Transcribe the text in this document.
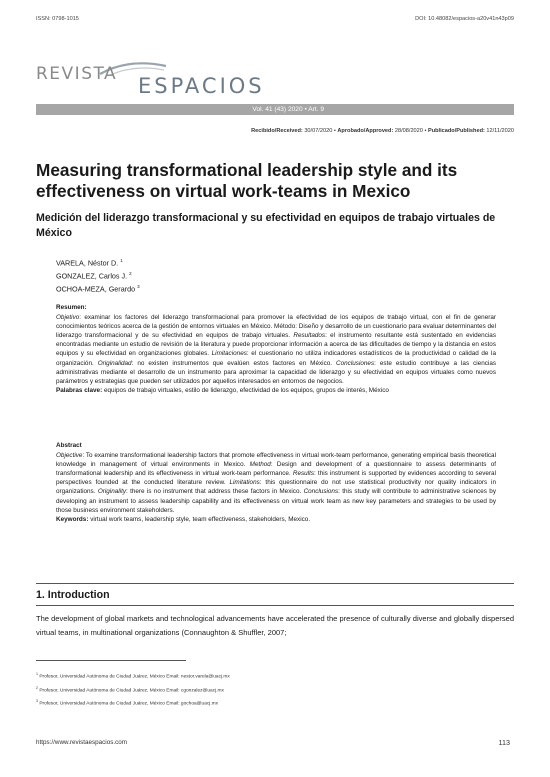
ISSN: 0798-1015	DOI: 10.48082/espacios-a20v41n43p09
REVISTA ESPACIOS
Vol. 41 (43) 2020 • Art. 9
Recibido/Received: 30/07/2020 • Aprobado/Approved: 28/08/2020 • Publicado/Published: 12/11/2020
Measuring transformational leadership style and its effectiveness on virtual work-teams in Mexico
Medición del liderazgo transformacional y su efectividad en equipos de trabajo virtuales de México
VARELA, Néstor D. $^1$
GONZALEZ, Carlos J. $^2$
OCHOA-MEZA, Gerardo $^3$
Resumen:
Objetivo: examinar los factores del liderazgo transformacional para promover la efectividad de los equipos de trabajo virtual, con el fin de generar conocimientos teóricos acerca de la gestión de entornos virtuales en México. Método: Diseño y desarrollo de un cuestionario para evaluar determinantes del liderazgo transformacional y de su efectividad en equipos de trabajo virtuales. Resultados: el instrumento resultante está sustentado en evidencias encontradas mediante un estudio de revisión de la literatura y puede proporcionar información a acerca de las dificultades de tiempo y la distancia en estos equipos y su efectividad en organizaciones globales. Limitaciones: el cuestionario no utiliza indicadores estadísticos de la productividad o calidad de la organización. Originalidad: no existen instrumentos que evalúen estos factores en México. Conclusiones: este estudio contribuye a las ciencias administrativas mediante el desarrollo de un instrumento para aproximar la capacidad de liderazgo y su efectividad en equipos virtuales como nuevos parámetros y estrategias que pueden ser utilizados por aquellos interesados en entornos de negocios.
Palabras clave: equipos de trabajo virtuales, estilo de liderazgo, efectividad de los equipos, grupos de interés, México
Abstract
Objective: To examine transformational leadership factors that promote effectiveness in virtual work-team performance, generating empirical basis theoretical knowledge in management of virtual environments in Mexico. Method: Design and development of a questionnaire to assess determinants of transformational leadership and its effectiveness in virtual work-team performance. Results: this instrument is supported by evidences according to several perspectives founded at the conducted literature review. Limitations: this questionnaire do not use statistical productivity nor quality indicators in organizations. Originality: there is no instrument that address these factors in Mexico. Conclusions: this study will contribute to administrative sciences by developing an instrument to assess leadership capability and its effectiveness on virtual work team as new key parameters and strategies to be used by those business environment stakeholders.
Keywords: virtual work teams, leadership style, team effectiveness, stakeholders, Mexico.
1. Introduction
The development of global markets and technological advancements have accelerated the presence of culturally diverse and globally dispersed virtual teams, in multinational organizations (Connaughton & Shuffler, 2007;
$^1$ Profesor, Universidad Autónoma de Ciudad Juárez, México Email: nestor.varela@uacj.mx
$^2$ Profesor, Universidad Autónoma de Ciudad Juárez, México Email: cgonzalez@uacj.mx
$^3$ Profesor, Universidad Autónoma de Ciudad Juárez, México Email: gochoa@uacj.mx
https://www.revistaespacios.com	113
